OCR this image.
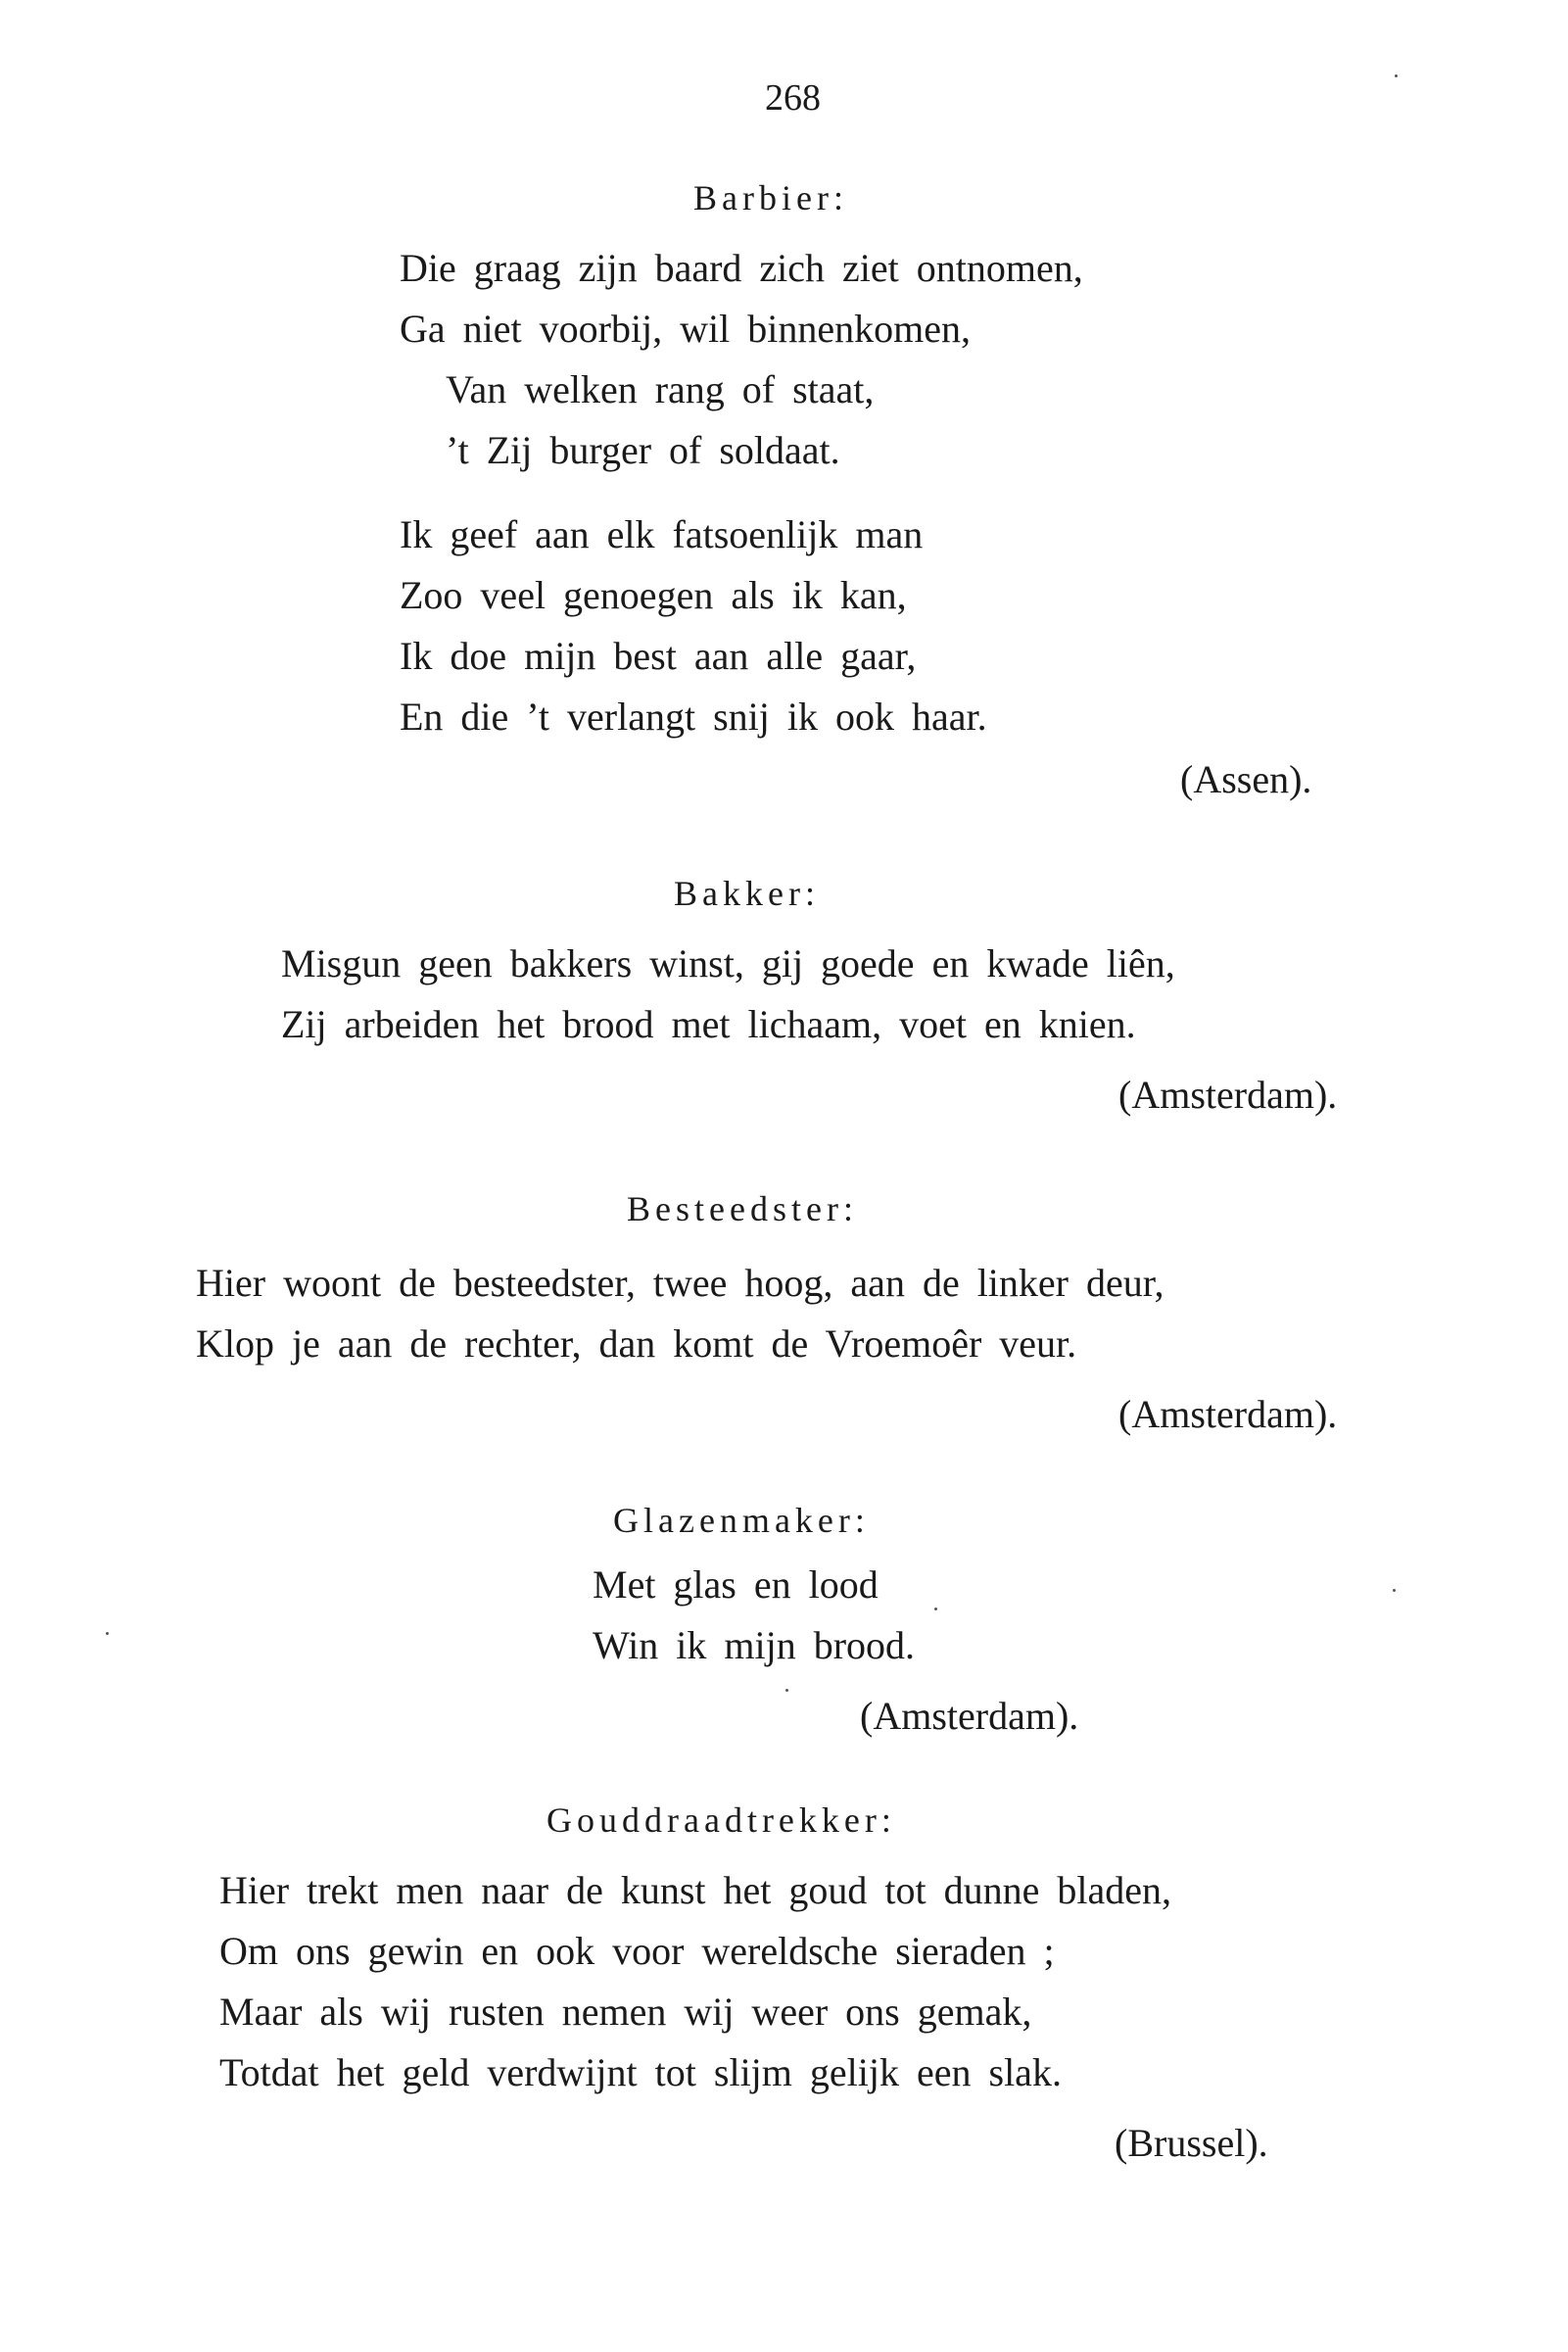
268
Barbier:
Die graag zijn baard zich ziet ontnomen,
Ga niet voorbij, wil binnenkomen,
Van welken rang of staat,
’t Zij burger of soldaat.
Ik geef aan elk fatsoenlijk man
Zoo veel genoegen als ik kan,
Ik doe mijn best aan alle gaar,
En die ’t verlangt snij ik ook haar.
(Assen).
Bakker:
Misgun geen bakkers winst, gij goede en kwade liên,
Zij arbeiden het brood met lichaam, voet en knien.
(Amsterdam).
Besteedster:
Hier woont de besteedster, twee hoog, aan de linker deur,
Klop je aan de rechter, dan komt de Vroemoêr veur.
(Amsterdam).
Glazenmaker:
Met glas en lood
Win ik mijn brood.
(Amsterdam).
Gouddraadtrekker:
Hier trekt men naar de kunst het goud tot dunne bladen,
Om ons gewin en ook voor wereldsche sieraden ;
Maar als wij rusten nemen wij weer ons gemak,
Totdat het geld verdwijnt tot slijm gelijk een slak.
(Brussel).
